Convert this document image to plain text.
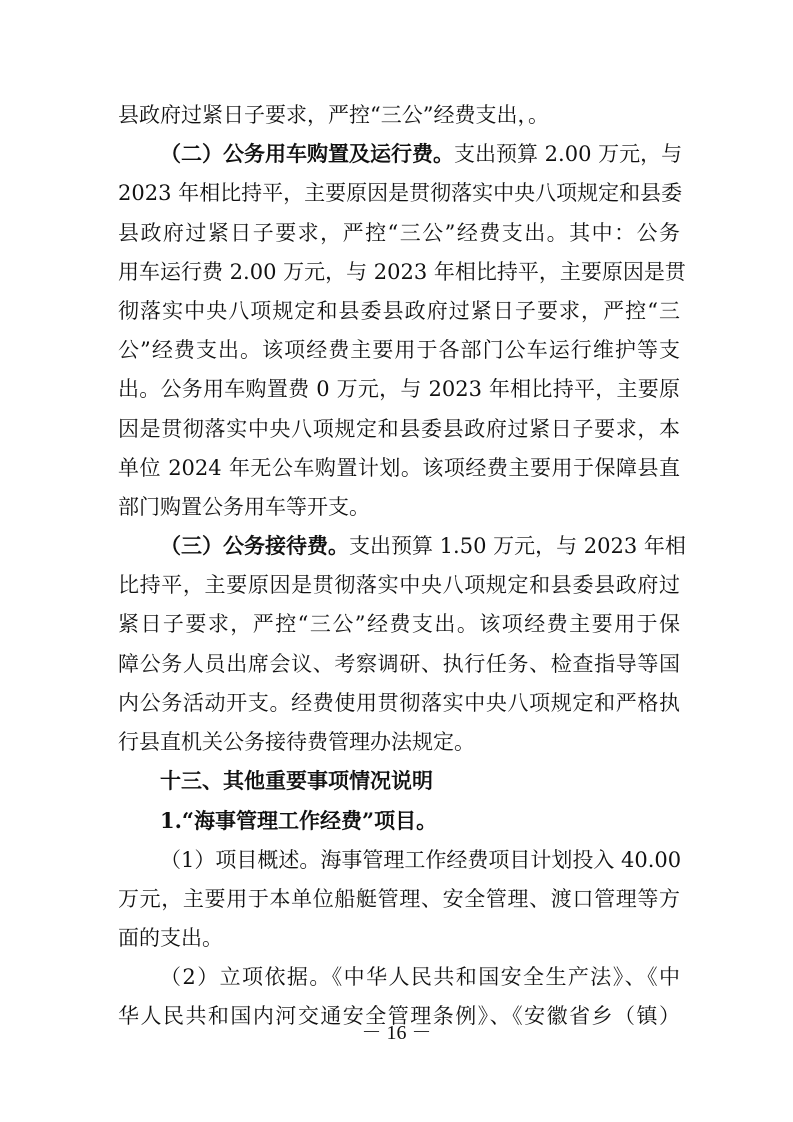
县政府过紧日子要求，严控“三公”经费支出，。
（二）公务用车购置及运行费。支出预算 2.00 万元，与
2023 年相比持平，主要原因是贯彻落实中央八项规定和县委
县政府过紧日子要求，严控“三公”经费支出。其中：公务
用车运行费 2.00 万元，与 2023 年相比持平，主要原因是贯
彻落实中央八项规定和县委县政府过紧日子要求，严控“三
公”经费支出。该项经费主要用于各部门公车运行维护等支
出。公务用车购置费 0 万元，与 2023 年相比持平，主要原
因是贯彻落实中央八项规定和县委县政府过紧日子要求，本
单位 2024 年无公车购置计划。该项经费主要用于保障县直
部门购置公务用车等开支。
（三）公务接待费。支出预算 1.50 万元，与 2023 年相
比持平，主要原因是贯彻落实中央八项规定和县委县政府过
紧日子要求，严控“三公”经费支出。该项经费主要用于保
障公务人员出席会议、考察调研、执行任务、检查指导等国
内公务活动开支。经费使用贯彻落实中央八项规定和严格执
行县直机关公务接待费管理办法规定。
十三、其他重要事项情况说明
1.“海事管理工作经费”项目。
（1）项目概述。海事管理工作经费项目计划投入 40.00
万元，主要用于本单位船艇管理、安全管理、渡口管理等方
面的支出。
（2）立项依据。《中华人民共和国安全生产法》、《中
华人民共和国内河交通安全管理条例》、《安徽省乡（镇）
－ 16 －
